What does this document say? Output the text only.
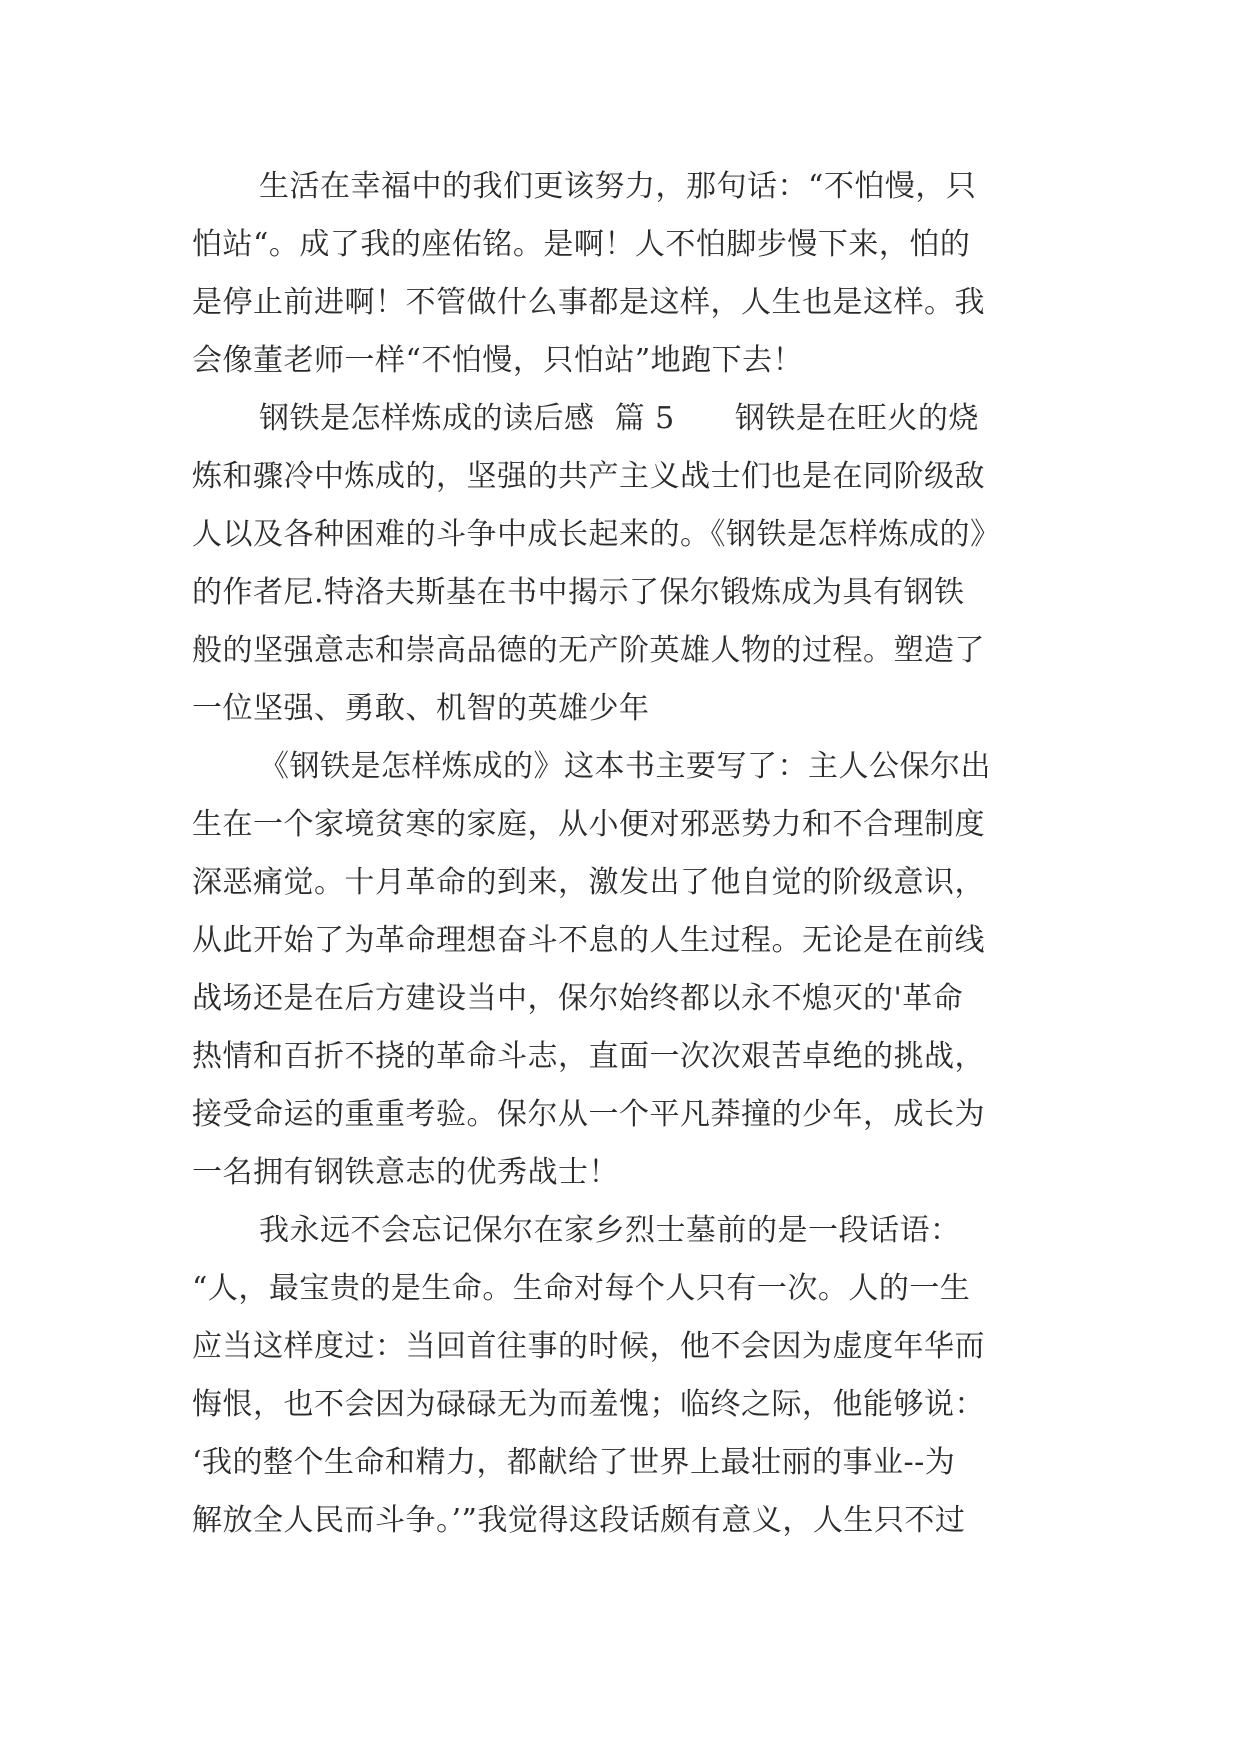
生活在幸福中的我们更该努力，那句话：“不怕慢，只
怕站“。成了我的座佑铭。是啊！人不怕脚步慢下来，怕的
是停止前进啊！不管做什么事都是这样，人生也是这样。我
会像董老师一样“不怕慢，只怕站”地跑下去！
钢铁是怎样炼成的读后感  篇 5      钢铁是在旺火的烧
炼和骤冷中炼成的，坚强的共产主义战士们也是在同阶级敌
人以及各种困难的斗争中成长起来的。《钢铁是怎样炼成的》
的作者尼.特洛夫斯基在书中揭示了保尔锻炼成为具有钢铁
般的坚强意志和崇高品德的无产阶英雄人物的过程。塑造了
一位坚强、勇敢、机智的英雄少年
《钢铁是怎样炼成的》这本书主要写了：主人公保尔出
生在一个家境贫寒的家庭，从小便对邪恶势力和不合理制度
深恶痛觉。十月革命的到来，激发出了他自觉的阶级意识，
从此开始了为革命理想奋斗不息的人生过程。无论是在前线
战场还是在后方建设当中，保尔始终都以永不熄灭的'革命
热情和百折不挠的革命斗志，直面一次次艰苦卓绝的挑战，
接受命运的重重考验。保尔从一个平凡莽撞的少年，成长为
一名拥有钢铁意志的优秀战士！
我永远不会忘记保尔在家乡烈士墓前的是一段话语：
“人，最宝贵的是生命。生命对每个人只有一次。人的一生
应当这样度过：当回首往事的时候，他不会因为虚度年华而
悔恨，也不会因为碌碌无为而羞愧；临终之际，他能够说：
‘我的整个生命和精力，都献给了世界上最壮丽的事业--为
解放全人民而斗争。’”我觉得这段话颇有意义，人生只不过
